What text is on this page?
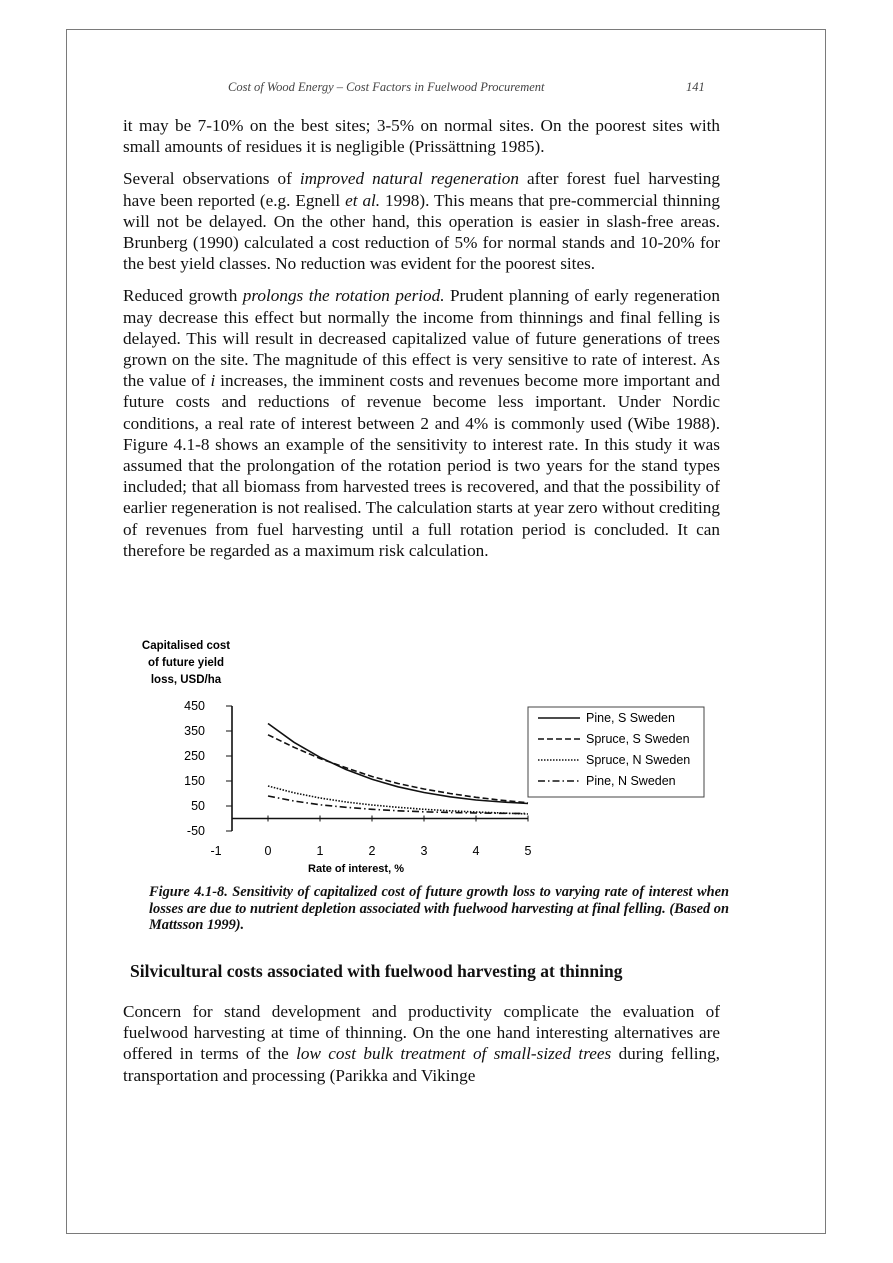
Cost of Wood Energy – Cost Factors in Fuelwood Procurement	141

it may be 7-10% on the best sites; 3-5% on normal sites. On the poorest sites with small amounts of residues it is negligible (Prissättning 1985).

Several observations of improved natural regeneration after forest fuel harvesting have been reported (e.g. Egnell et al. 1998). This means that pre-commercial thinning will not be delayed. On the other hand, this operation is easier in slash-free areas. Brunberg (1990) calculated a cost reduction of 5% for normal stands and 10-20% for the best yield classes. No reduction was evident for the poorest sites.

Reduced growth prolongs the rotation period. Prudent planning of early regeneration may decrease this effect but normally the income from thinnings and final felling is delayed. This will result in decreased capitalized value of future generations of trees grown on the site. The magnitude of this effect is very sensitive to rate of interest. As the value of i increases, the imminent costs and revenues become more important and future costs and reductions of revenue become less important. Under Nordic conditions, a real rate of interest between 2 and 4% is commonly used (Wibe 1988). Figure 4.1-8 shows an example of the sensitivity to interest rate. In this study it was assumed that the prolongation of the rotation period is two years for the stand types included; that all biomass from harvested trees is recovered, and that the possibility of earlier regeneration is not realised. The calculation starts at year zero without crediting of revenues from fuel harvesting until a full rotation period is concluded. It can therefore be regarded as a maximum risk calculation.

Capitalised cost
of future yield
loss, USD/ha
450
350
250
150
50
-50
-1	0	1	2	3	4	5
Pine, S Sweden
Spruce, S Sweden
Spruce, N Sweden
Pine, N Sweden
Rate of interest, %
Figure 4.1-8. Sensitivity of capitalized cost of future growth loss to varying rate of interest when losses are due to nutrient depletion associated with fuelwood harvesting at final felling. (Based on Mattsson 1999).
Silvicultural costs associated with fuelwood harvesting at thinning

Concern for stand development and productivity complicate the evaluation of fuelwood harvesting at time of thinning. On the one hand interesting alternatives are offered in terms of the low cost bulk treatment of small-sized trees during felling, transportation and processing (Parikka and Vikinge
